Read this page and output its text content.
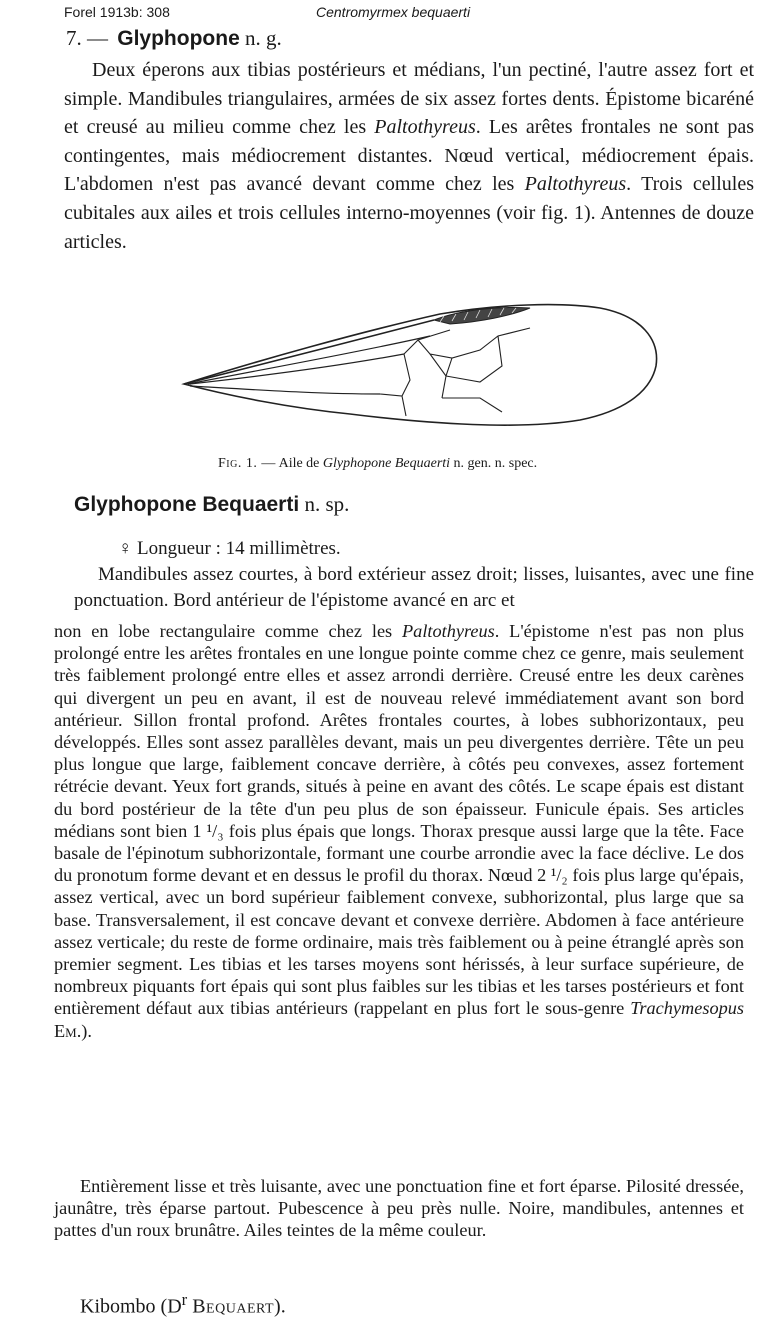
Forel 1913b: 308	Centromyrmex bequaerti
7. — Glyphopone n. g.

Deux éperons aux tibias postérieurs et médians, l'un pectiné, l'autre assez fort et simple. Mandibules triangulaires, armées de six assez fortes dents. Épistome bicaréné et creusé au milieu comme chez les Paltothyreus. Les arêtes frontales ne sont pas contingentes, mais médiocrement distantes. Nœud vertical, médiocrement épais. L'abdomen n'est pas avancé devant comme chez les Paltothyreus. Trois cellules cubitales aux ailes et trois cellules interno-moyennes (voir fig. 1). Antennes de douze articles.

Fig. 1. — Aile de Glyphopone Bequaerti n. gen. n. spec.
Glyphopone Bequaerti n. sp.
♀ Longueur : 14 millimètres.

Mandibules assez courtes, à bord extérieur assez droit; lisses, luisantes, avec une fine ponctuation. Bord antérieur de l'épistome avancé en arc et

non en lobe rectangulaire comme chez les Paltothyreus. L'épistome n'est pas non plus prolongé entre les arêtes frontales en une longue pointe comme chez ce genre, mais seulement très faiblement prolongé entre elles et assez arrondi derrière. Creusé entre les deux carènes qui divergent un peu en avant, il est de nouveau relevé immédiatement avant son bord antérieur. Sillon frontal profond. Arêtes frontales courtes, à lobes subhorizontaux, peu développés. Elles sont assez parallèles devant, mais un peu divergentes derrière. Tête un peu plus longue que large, faiblement concave derrière, à côtés peu convexes, assez fortement rétrécie devant. Yeux fort grands, situés à peine en avant des côtés. Le scape épais est distant du bord postérieur de la tête d'un peu plus de son épaisseur. Funicule épais. Ses articles médians sont bien 1 ¹/₃ fois plus épais que longs. Thorax presque aussi large que la tête. Face basale de l'épinotum subhorizontale, formant une courbe arrondie avec la face déclive. Le dos du pronotum forme devant et en dessus le profil du thorax. Nœud 2 ¹/₂ fois plus large qu'épais, assez vertical, avec un bord supérieur faiblement convexe, subhorizontal, plus large que sa base. Transversalement, il est concave devant et convexe derrière. Abdomen à face antérieure assez verticale; du reste de forme ordinaire, mais très faiblement ou à peine étranglé après son premier segment. Les tibias et les tarses moyens sont hérissés, à leur surface supérieure, de nombreux piquants fort épais qui sont plus faibles sur les tibias et les tarses postérieurs et font entièrement défaut aux tibias antérieurs (rappelant en plus fort le sous-genre Trachymesopus Em.).

Entièrement lisse et très luisante, avec une ponctuation fine et fort éparse. Pilosité dressée, jaunâtre, très éparse partout. Pubescence à peu près nulle. Noire, mandibules, antennes et pattes d'un roux brunâtre. Ailes teintes de la même couleur.

Kibombo ($D^r$ Bequaert).
